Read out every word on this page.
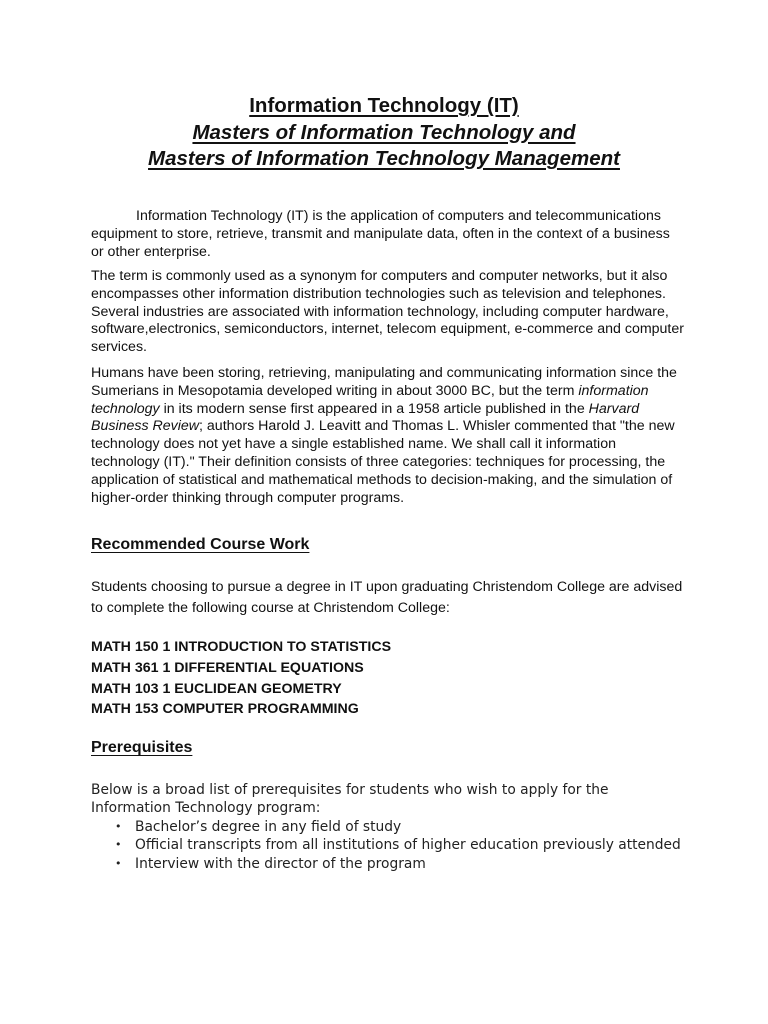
Information Technology (IT)
Masters of Information Technology and
Masters of Information Technology Management
Information Technology (IT) is the application of computers and telecommunications equipment to store, retrieve, transmit and manipulate data, often in the context of a business or other enterprise.
The term is commonly used as a synonym for computers and computer networks, but it also encompasses other information distribution technologies such as television and telephones. Several industries are associated with information technology, including computer hardware, software,electronics, semiconductors, internet, telecom equipment, e-commerce and computer services.
Humans have been storing, retrieving, manipulating and communicating information since the Sumerians in Mesopotamia developed writing in about 3000 BC, but the term information technology in its modern sense first appeared in a 1958 article published in the Harvard Business Review; authors Harold J. Leavitt and Thomas L. Whisler commented that "the new technology does not yet have a single established name. We shall call it information technology (IT)." Their definition consists of three categories: techniques for processing, the application of statistical and mathematical methods to decision-making, and the simulation of higher-order thinking through computer programs.
Recommended Course Work
Students choosing to pursue a degree in IT upon graduating Christendom College are advised to complete the following course at Christendom College:
MATH 150 1 INTRODUCTION TO STATISTICS
MATH 361 1 DIFFERENTIAL EQUATIONS
MATH 103 1 EUCLIDEAN GEOMETRY
MATH 153 COMPUTER PROGRAMMING
Prerequisites
Below is a broad list of prerequisites for students who wish to apply for the Information Technology program:
• Bachelor’s degree in any field of study
• Official transcripts from all institutions of higher education previously attended
• Interview with the director of the program
